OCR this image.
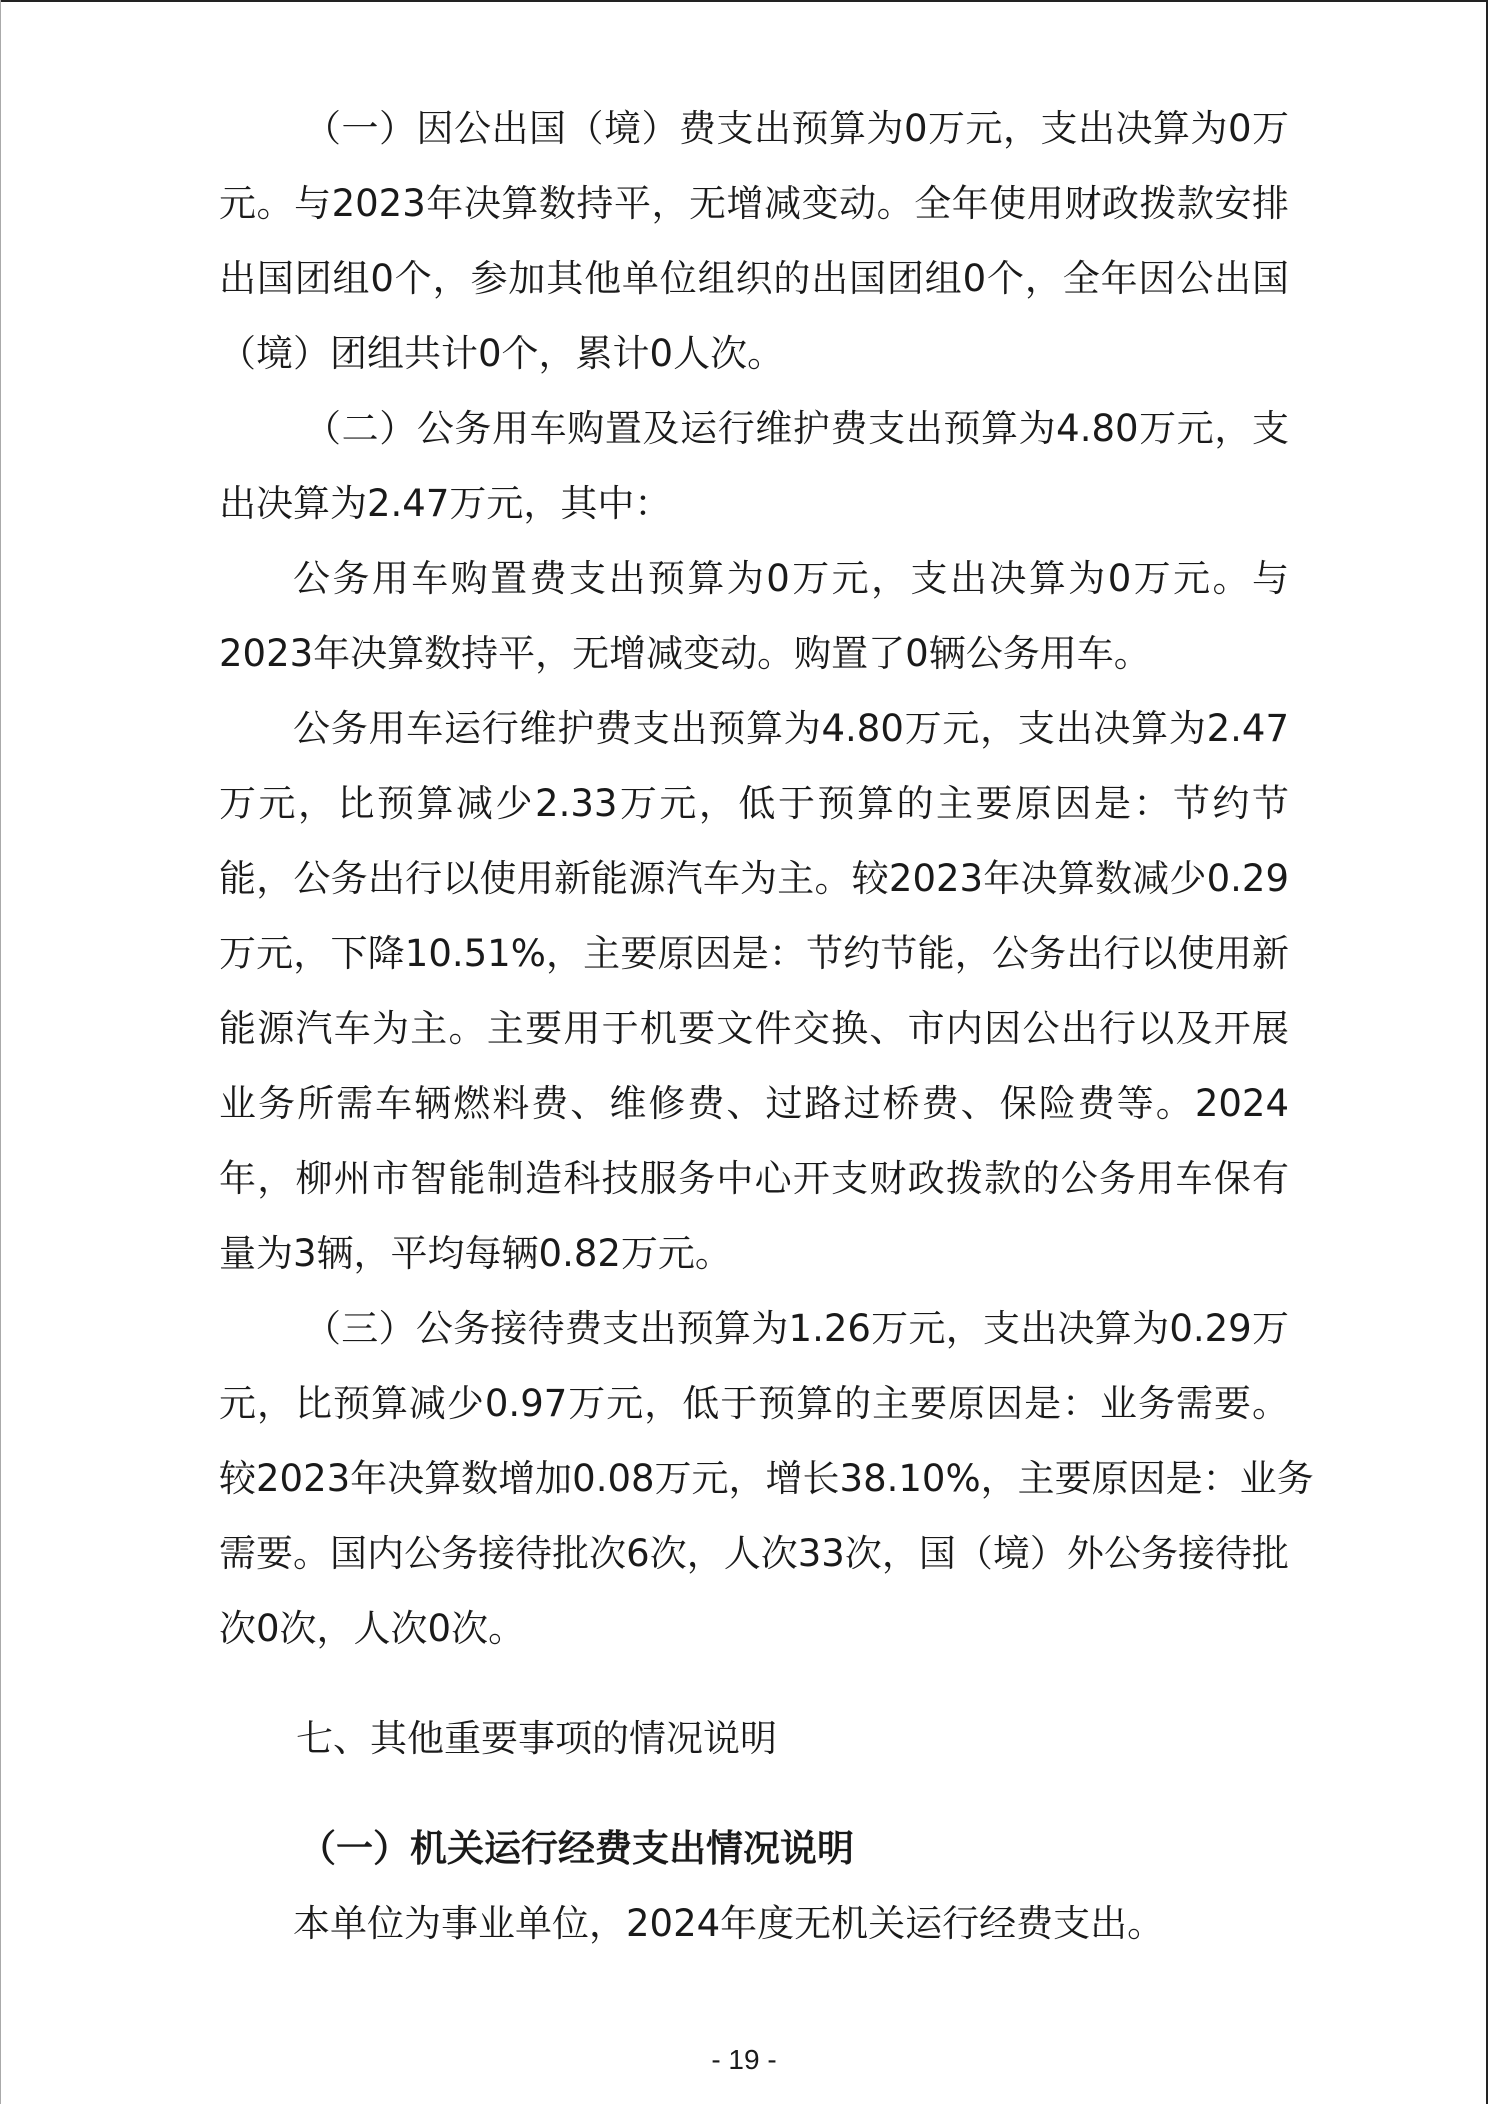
（一）因公出国（境）费支出预算为0万元，支出决算为0万
元。与2023年决算数持平，无增减变动。全年使用财政拨款安排
出国团组0个，参加其他单位组织的出国团组0个，全年因公出国
（境）团组共计0个，累计0人次。
（二）公务用车购置及运行维护费支出预算为4.80万元，支
出决算为2.47万元，其中：
公务用车购置费支出预算为0万元，支出决算为0万元。与
2023年决算数持平，无增减变动。购置了0辆公务用车。
公务用车运行维护费支出预算为4.80万元，支出决算为2.47
万元，比预算减少2.33万元，低于预算的主要原因是：节约节
能，公务出行以使用新能源汽车为主。较2023年决算数减少0.29
万元，下降10.51%，主要原因是：节约节能，公务出行以使用新
能源汽车为主。主要用于机要文件交换、市内因公出行以及开展
业务所需车辆燃料费、维修费、过路过桥费、保险费等。2024
年，柳州市智能制造科技服务中心开支财政拨款的公务用车保有
量为3辆，平均每辆0.82万元。
（三）公务接待费支出预算为1.26万元，支出决算为0.29万
元，比预算减少0.97万元，低于预算的主要原因是：业务需要。
较2023年决算数增加0.08万元，增长38.10%，主要原因是：业务
需要。国内公务接待批次6次，人次33次，国（境）外公务接待批
次0次，人次0次。
七、其他重要事项的情况说明
（一）机关运行经费支出情况说明
本单位为事业单位，2024年度无机关运行经费支出。
- 19 -
